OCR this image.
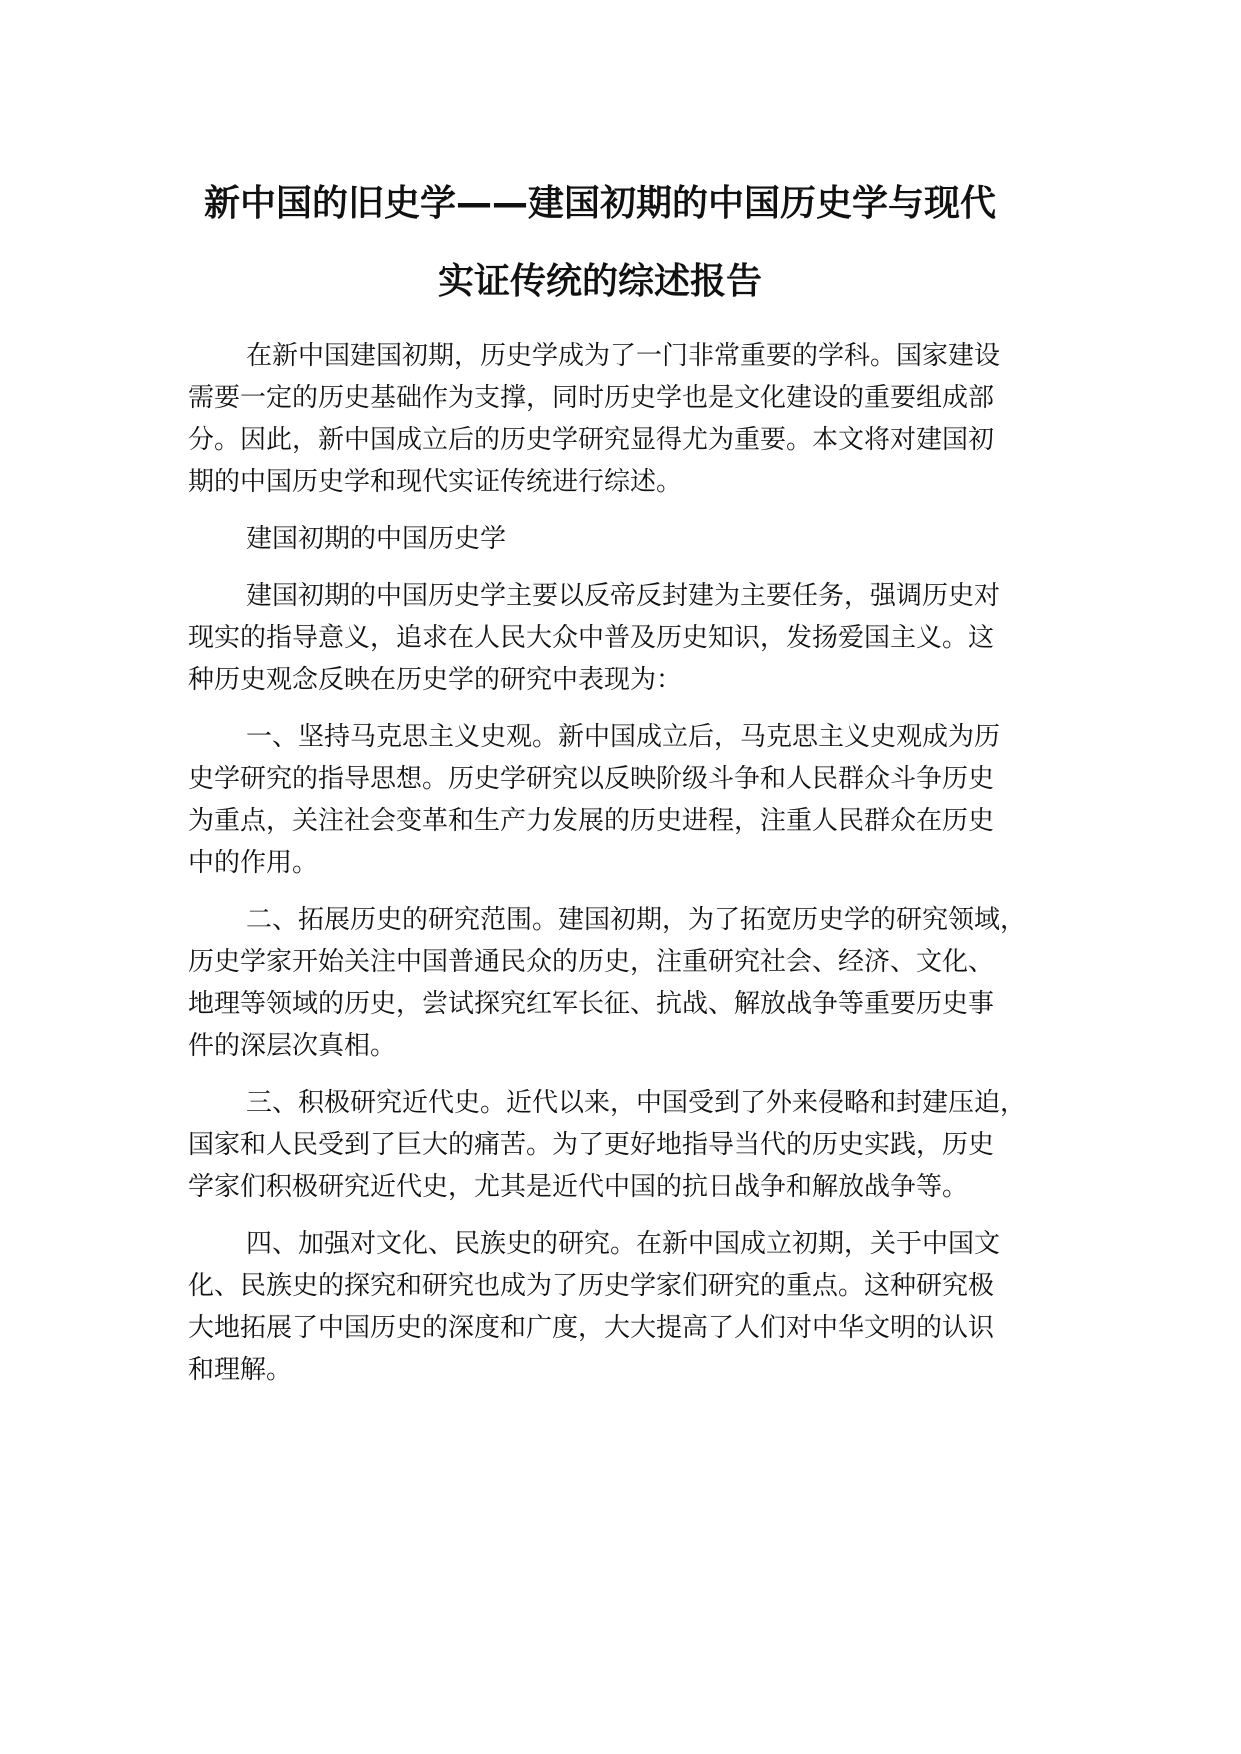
新中国的旧史学——建国初期的中国历史学与现代
实证传统的综述报告

在新中国建国初期，历史学成为了一门非常重要的学科。国家建设

需要一定的历史基础作为支撑，同时历史学也是文化建设的重要组成部

分。因此，新中国成立后的历史学研究显得尤为重要。本文将对建国初

期的中国历史学和现代实证传统进行综述。

建国初期的中国历史学

建国初期的中国历史学主要以反帝反封建为主要任务，强调历史对

现实的指导意义，追求在人民大众中普及历史知识，发扬爱国主义。这

种历史观念反映在历史学的研究中表现为：

一、坚持马克思主义史观。新中国成立后，马克思主义史观成为历

史学研究的指导思想。历史学研究以反映阶级斗争和人民群众斗争历史

为重点，关注社会变革和生产力发展的历史进程，注重人民群众在历史

中的作用。

二、拓展历史的研究范围。建国初期，为了拓宽历史学的研究领域，

历史学家开始关注中国普通民众的历史，注重研究社会、经济、文化、

地理等领域的历史，尝试探究红军长征、抗战、解放战争等重要历史事

件的深层次真相。

三、积极研究近代史。近代以来，中国受到了外来侵略和封建压迫，

国家和人民受到了巨大的痛苦。为了更好地指导当代的历史实践，历史

学家们积极研究近代史，尤其是近代中国的抗日战争和解放战争等。

四、加强对文化、民族史的研究。在新中国成立初期，关于中国文

化、民族史的探究和研究也成为了历史学家们研究的重点。这种研究极

大地拓展了中国历史的深度和广度，大大提高了人们对中华文明的认识

和理解。
